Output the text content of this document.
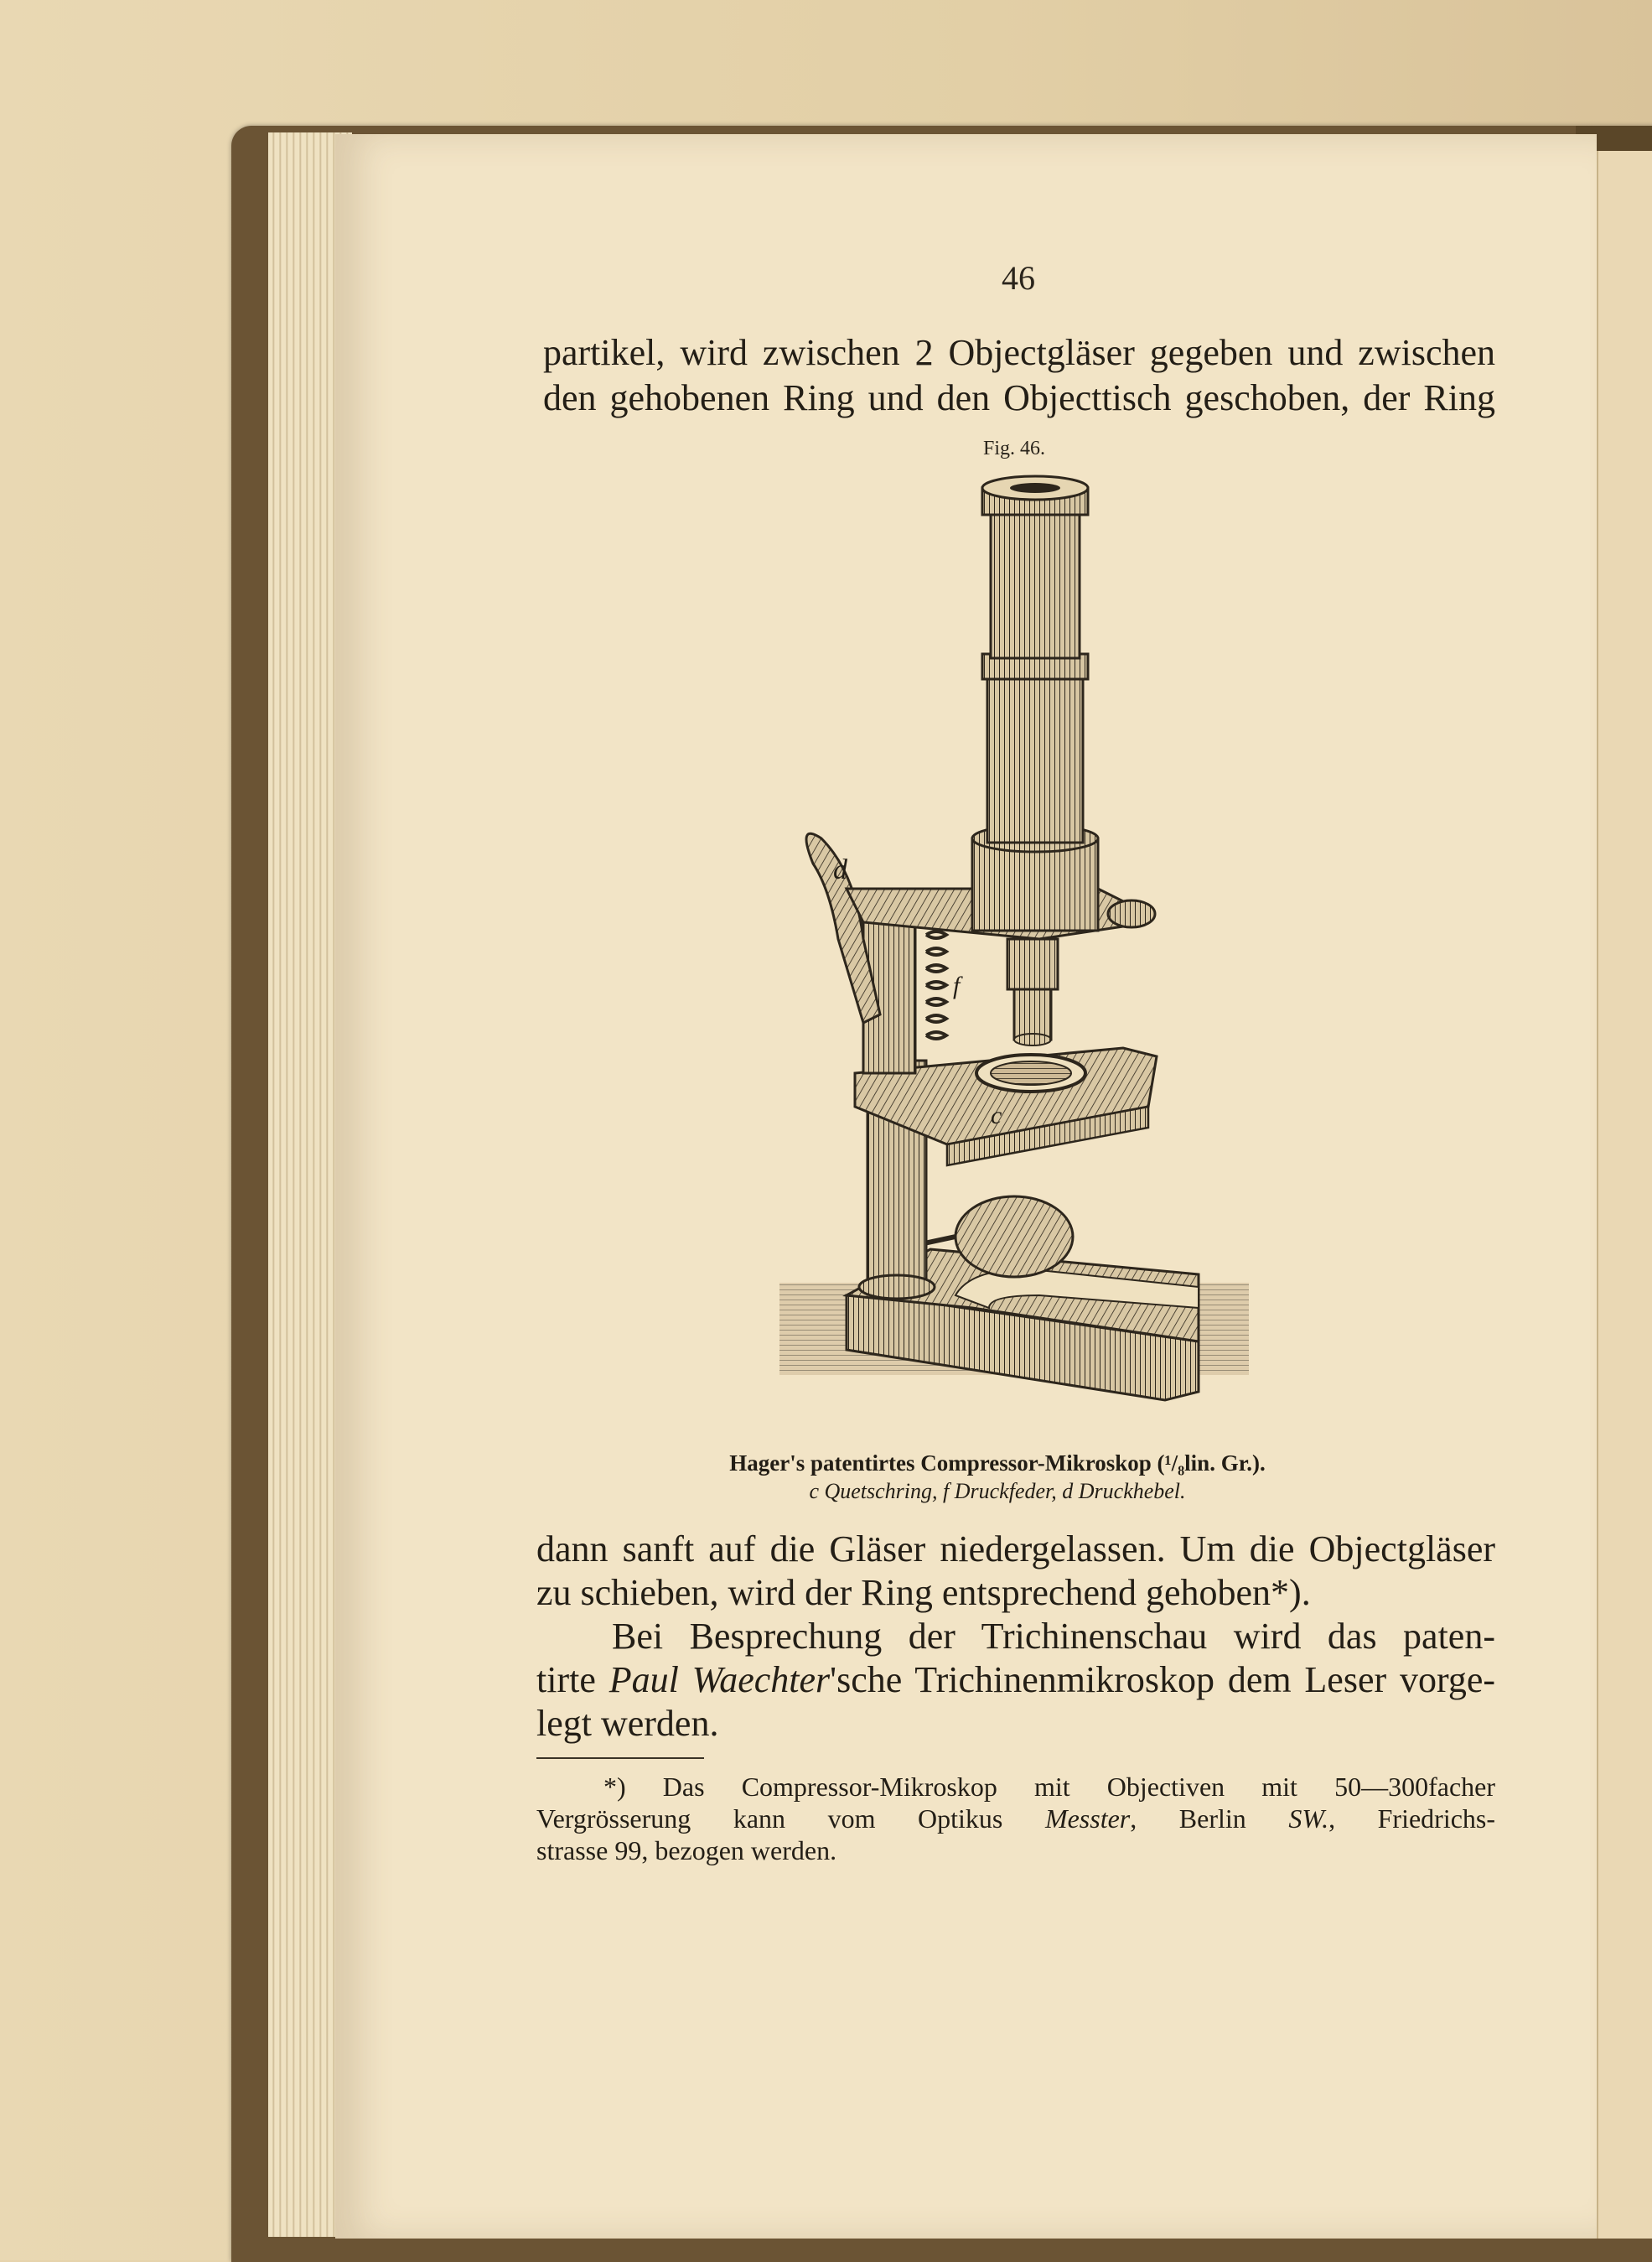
46
partikel, wird zwischen 2 Objectgläser gegeben und zwischen
den gehobenen Ring und den Objecttisch geschoben, der Ring
Fig. 46.
d
f
c
Hager's patentirtes Compressor-Mikroskop (¹/₈lin. Gr.).
c Quetschring, f Druckfeder, d Druckhebel.
dann sanft auf die Gläser niedergelassen. Um die Objectgläser
zu schieben, wird der Ring entsprechend gehoben*).
Bei Besprechung der Trichinenschau wird das paten-
tirte Paul Waechter'sche Trichinenmikroskop dem Leser vorge-
legt werden.
*) Das Compressor-Mikroskop mit Objectiven mit 50—300facher
Vergrösserung kann vom Optikus Messter, Berlin SW., Friedrichs-
strasse 99, bezogen werden.
